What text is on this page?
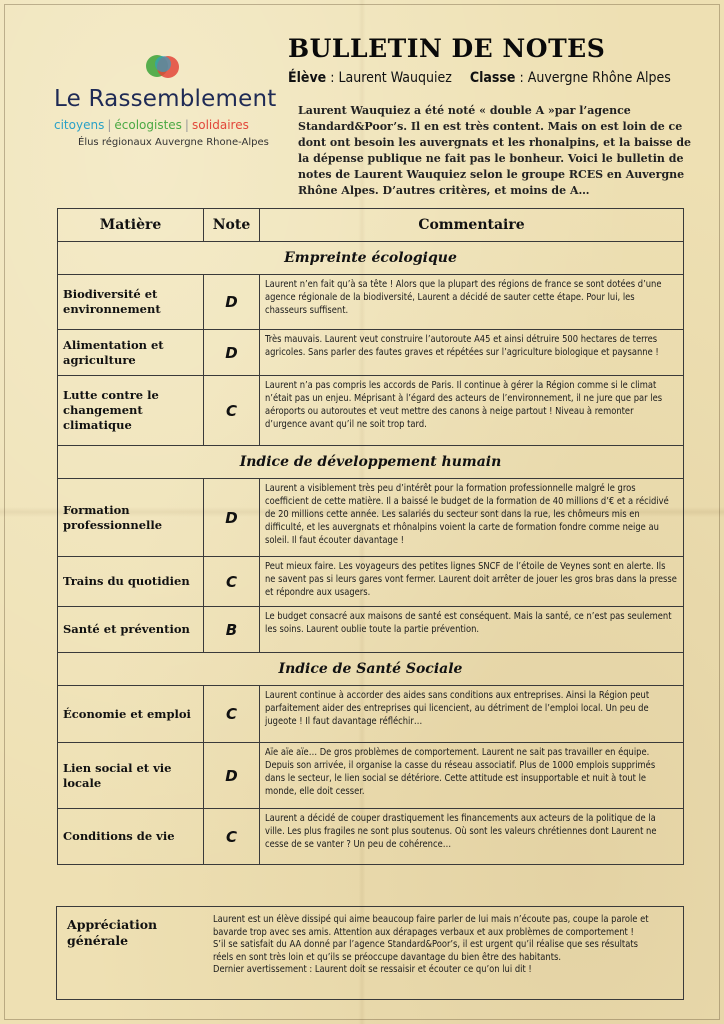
Le Rassemblement
citoyens | écologistes | solidaires
Élus régionaux Auvergne Rhone-Alpes
BULLETIN DE NOTES
Élève : Laurent Wauquiez Classe : Auvergne Rhône Alpes
Laurent Wauquiez a été noté « double A »par l’agence Standard&Poor’s. Il en est très content. Mais on est loin de ce dont ont besoin les auvergnats et les rhonalpins, et la baisse de la dépense publique ne fait pas le bonheur. Voici le bulletin de notes de Laurent Wauquiez selon le groupe RCES en Auvergne Rhône Alpes. D’autres critères, et moins de A…
Matière	Note	Commentaire
Empreinte écologique		
Biodiversité et environnement	D	Laurent n’en fait qu’à sa tête ! Alors que la plupart des régions de france se sont dotées d’une agence régionale de la biodiversité, Laurent a décidé de sauter cette étape. Pour lui, les chasseurs suffisent.
Alimentation et agriculture	D	Très mauvais. Laurent veut construire l’autoroute A45 et ainsi détruire 500 hectares de terres agricoles. Sans parler des fautes graves et répétées sur l’agriculture biologique et paysanne !
Lutte contre le changement climatique	C	Laurent n’a pas compris les accords de Paris. Il continue à gérer la Région comme si le climat n’était pas un enjeu. Méprisant à l’égard des acteurs de l’environnement, il ne jure que par les aéroports ou autoroutes et veut mettre des canons à neige partout ! Niveau à remonter d’urgence avant qu’il ne soit trop tard.
Indice de développement humain		
Formation professionnelle	D	Laurent a visiblement très peu d’intérêt pour la formation professionnelle malgré le gros coefficient de cette matière. Il a baissé le budget de la formation de 40 millions d’€ et a récidivé de 20 millions cette année. Les salariés du secteur sont dans la rue, les chômeurs mis en difficulté, et les auvergnats et rhônalpins voient la carte de formation fondre comme neige au soleil. Il faut écouter davantage !
Trains du quotidien	C	Peut mieux faire. Les voyageurs des petites lignes SNCF de l’étoile de Veynes sont en alerte. Ils ne savent pas si leurs gares vont fermer. Laurent doit arrêter de jouer les gros bras dans la presse et répondre aux usagers.
Santé et prévention	B	Le budget consacré aux maisons de santé est conséquent. Mais la santé, ce n’est pas seulement les soins. Laurent oublie toute la partie prévention.
Indice de Santé Sociale		
Économie et emploi	C	Laurent continue à accorder des aides sans conditions aux entreprises. Ainsi la Région peut parfaitement aider des entreprises qui licencient, au détriment de l’emploi local. Un peu de jugeote ! Il faut davantage réfléchir…
Lien social et vie locale	D	Aïe aïe aïe… De gros problèmes de comportement. Laurent ne sait pas travailler en équipe. Depuis son arrivée, il organise la casse du réseau associatif. Plus de 1000 emplois supprimés dans le secteur, le lien social se détériore. Cette attitude est insupportable et nuit à tout le monde, elle doit cesser.
Conditions de vie	C	Laurent a décidé de couper drastiquement les financements aux acteurs de la politique de la ville. Les plus fragiles ne sont plus soutenus. Où sont les valeurs chrétiennes dont Laurent ne cesse de se vanter ? Un peu de cohérence…
Appréciation générale
Laurent est un élève dissipé qui aime beaucoup faire parler de lui mais n’écoute pas, coupe la parole et
bavarde trop avec ses amis. Attention aux dérapages verbaux et aux problèmes de comportement !
S’il se satisfait du AA donné par l’agence Standard&Poor’s, il est urgent qu’il réalise que ses résultats
réels en sont très loin et qu’ils se préoccupe davantage du bien être des habitants.
Dernier avertissement : Laurent doit se ressaisir et écouter ce qu’on lui dit !
